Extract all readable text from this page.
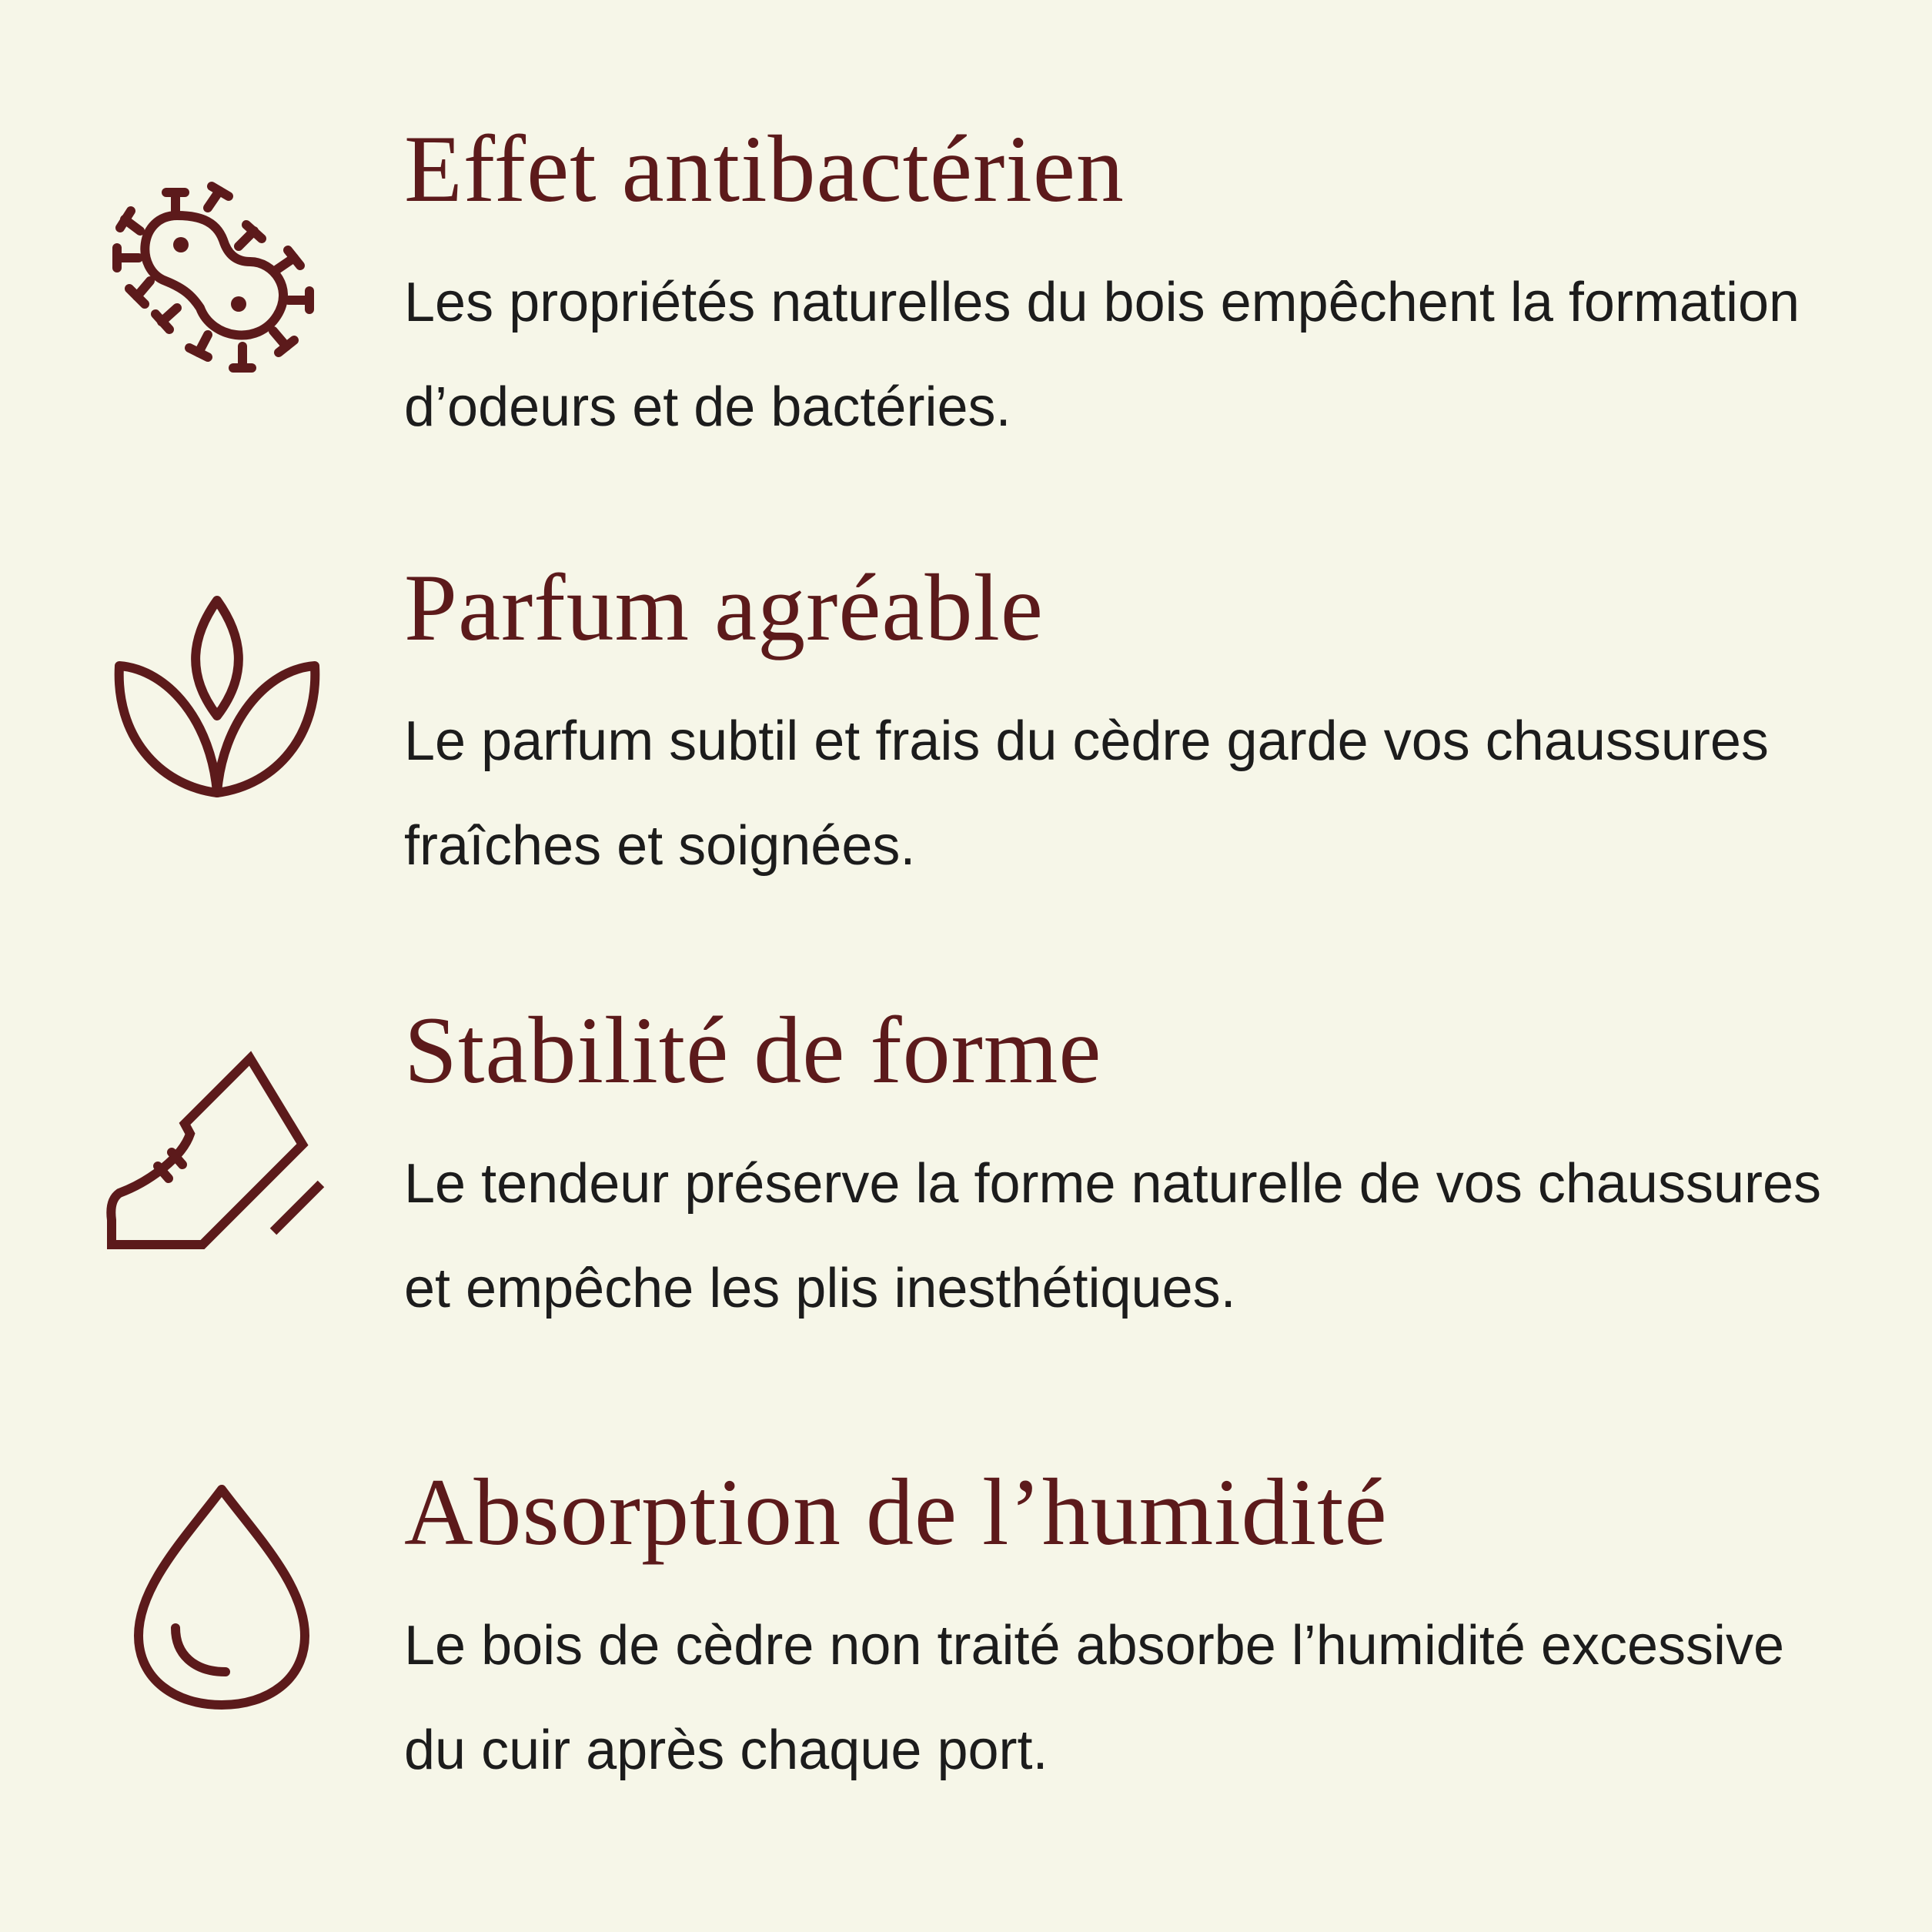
Effet antibactérien

Les propriétés naturelles du bois empêchent la formation d’odeurs et de bactéries.

Parfum agréable

Le parfum subtil et frais du cèdre garde vos chaussures fraîches et soignées.

Stabilité de forme

Le tendeur préserve la forme naturelle de vos chaussures et empêche les plis inesthétiques.

Absorption de l’humidité

Le bois de cèdre non traité absorbe l’humidité excessive du cuir après chaque port.
